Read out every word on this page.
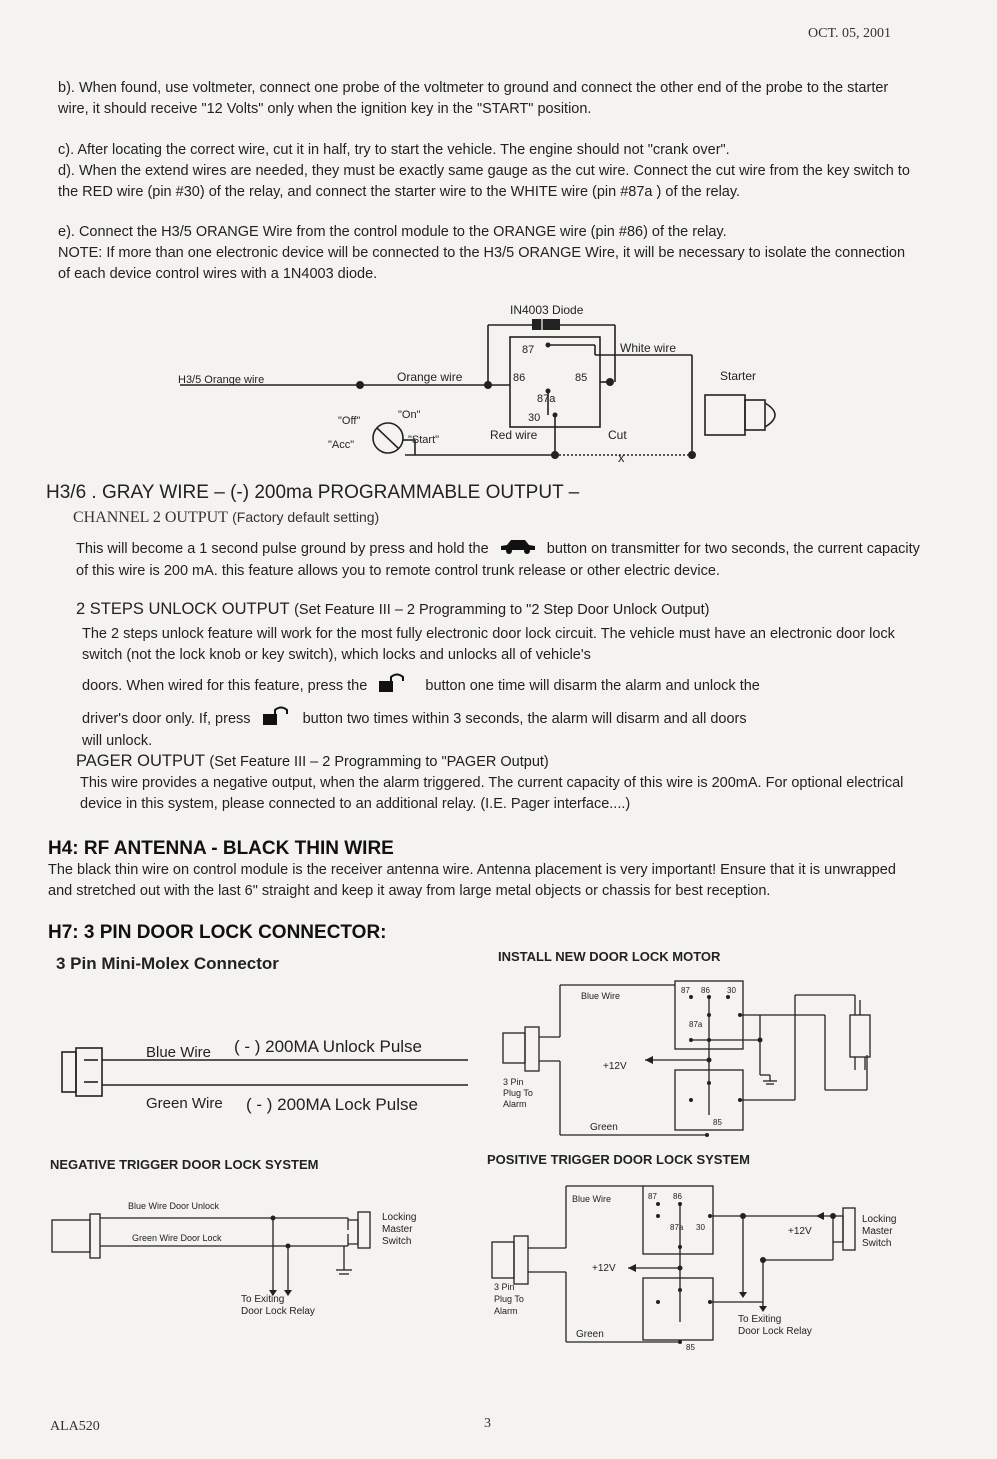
OCT. 05, 2001
b). When found, use voltmeter, connect one probe of the voltmeter to ground and connect the other end of the probe to the starter wire, it should receive "12 Volts" only when the ignition key in the "START" position.
c). After locating the correct wire, cut it in half, try to start the vehicle. The engine should not "crank over".
d). When the extend wires are needed, they must be exactly same gauge as the cut wire. Connect the cut wire from the key switch to the RED wire (pin #30) of the relay, and connect the starter wire to the WHITE wire (pin #87a ) of the relay.
e). Connect the H3/5 ORANGE Wire from the control module to the ORANGE wire (pin #86) of the relay.
NOTE: If more than one electronic device will be connected to the H3/5 ORANGE Wire, it will be necessary to isolate the connection of each device control wires with a 1N4003 diode.
x
IN4003 Diode
White wire
Starter
H3/5 Orange wire	Orange wire
87
86	85
87a
30
Red wire	Cut
"Off"	"On"
"Acc"	"Start"
H3/6 . GRAY WIRE – (-) 200ma PROGRAMMABLE OUTPUT –
CHANNEL 2 OUTPUT (Factory default setting)
This will become a 1 second pulse ground by press and hold the	button on transmitter for two seconds, the current capacity of this wire is 200 mA. this feature allows you to remote control trunk release or other electric device.
2 STEPS UNLOCK OUTPUT (Set Feature III – 2 Programming to "2 Step Door Unlock Output)
The 2 steps unlock feature will work for the most fully electronic door lock circuit. The vehicle must have an electronic door lock switch (not the lock knob or key switch), which locks and unlocks all of vehicle's
doors. When wired for this feature, press the	button one time will disarm the alarm and unlock the
driver's door only. If, press	button two times within 3 seconds, the alarm will disarm and all doors
will unlock.
PAGER OUTPUT (Set Feature III – 2 Programming to "PAGER Output)
This wire provides a negative output, when the alarm triggered. The current capacity of this wire is 200mA. For optional electrical device in this system, please connected to an additional relay. (I.E. Pager interface....)
H4: RF ANTENNA - BLACK THIN WIRE
The black thin wire on control module is the receiver antenna wire. Antenna placement is very important! Ensure that it is unwrapped and stretched out with the last 6" straight and keep it away from large metal objects or chassis for best reception.
H7: 3 PIN DOOR LOCK CONNECTOR:
3 Pin Mini-Molex Connector	INSTALL NEW DOOR LOCK MOTOR
Blue Wire ( - ) 200MA Unlock Pulse
Green Wire ( - ) 200MA Lock Pulse
Blue Wire
Green
+12V
3 Pin
Plug To
Alarm
87 86 30
87a
85
NEGATIVE TRIGGER DOOR LOCK SYSTEM	POSITIVE TRIGGER DOOR LOCK SYSTEM
Blue Wire Door Unlock
Green Wire Door Lock
Locking
Master
Switch
To Exiting
Door Lock Relay
Blue Wire
Green
+12V
+12V
3 Pin
Plug To
Alarm
Locking
Master
Switch
To Exiting
Door Lock Relay
87 86
30
87a
85
ALA520	3
